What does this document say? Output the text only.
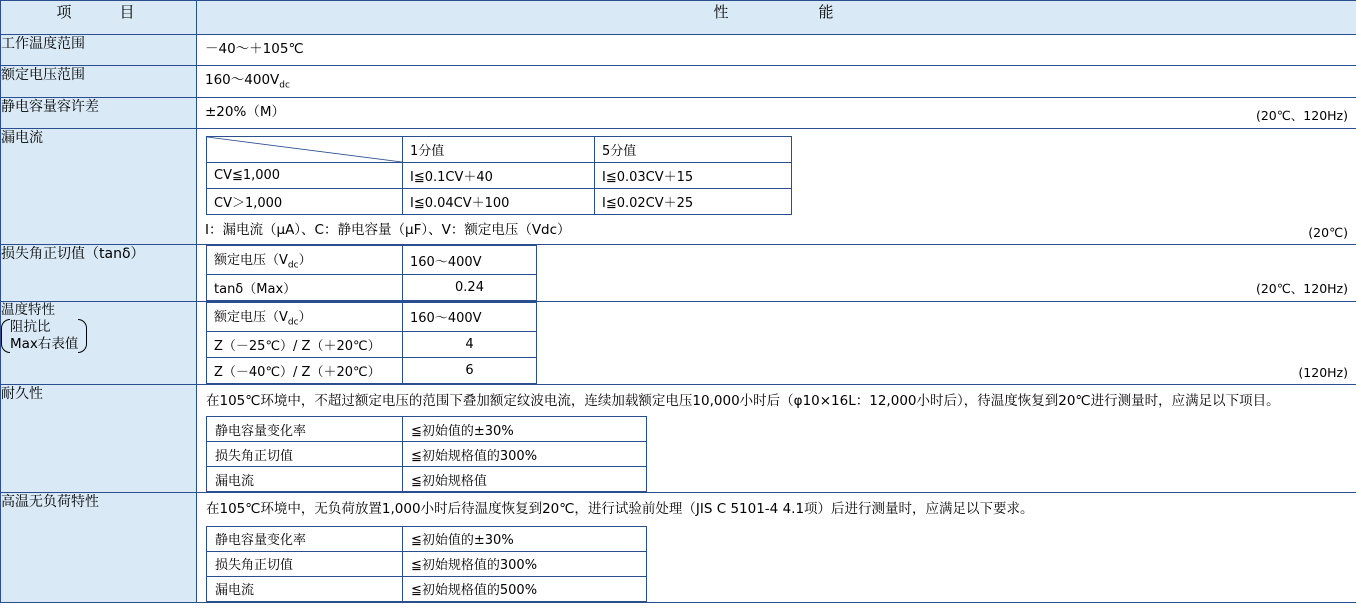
项　　目	性　　　　能
工作温度范围	－40～＋105℃

额定电压范围	$160\sim 400V_{dc}$

静电容量容许差	±20%（M）	(20℃、120Hz)

漏电流	
	1分值	5分值
CV≦1,000	I≦0.1CV＋40	I≦0.03CV＋15
CV＞1,000	I≦0.04CV＋100	I≦0.02CV＋25
I：漏电流（μA）、C：静电容量（μF）、V：额定电压（Vdc）	(20℃)

损失角正切值（tanδ）		额定电压$(V_{dc})$	160～400V
tanδ（Max）	0.24	(20℃、120Hz)

温度特性
阻抗比
Max右表值

额定电压$(V_{dc})$	160～400V
Z（－25℃）/ Z（＋20℃）	4
Z（－40℃）/ Z（＋20℃）	6	(120Hz)

耐久性	在105℃环境中，不超过额定电压的范围下叠加额定纹波电流，连续加载额定电压10,000小时后（φ10×16L：12,000小时后），待温度恢复到20℃进行测量时，应满足以下项目。
静电容量变化率	≦初始值的±30%
损失角正切值	≦初始规格值的300%
漏电流	≦初始规格值

高温无负荷特性	在105℃环境中，无负荷放置1,000小时后待温度恢复到20℃，进行试验前处理（JIS C 5101-4 4.1项）后进行测量时，应满足以下要求。
静电容量变化率	≦初始值的±30%
损失角正切值	≦初始规格值的300%
漏电流	≦初始规格值的500%
